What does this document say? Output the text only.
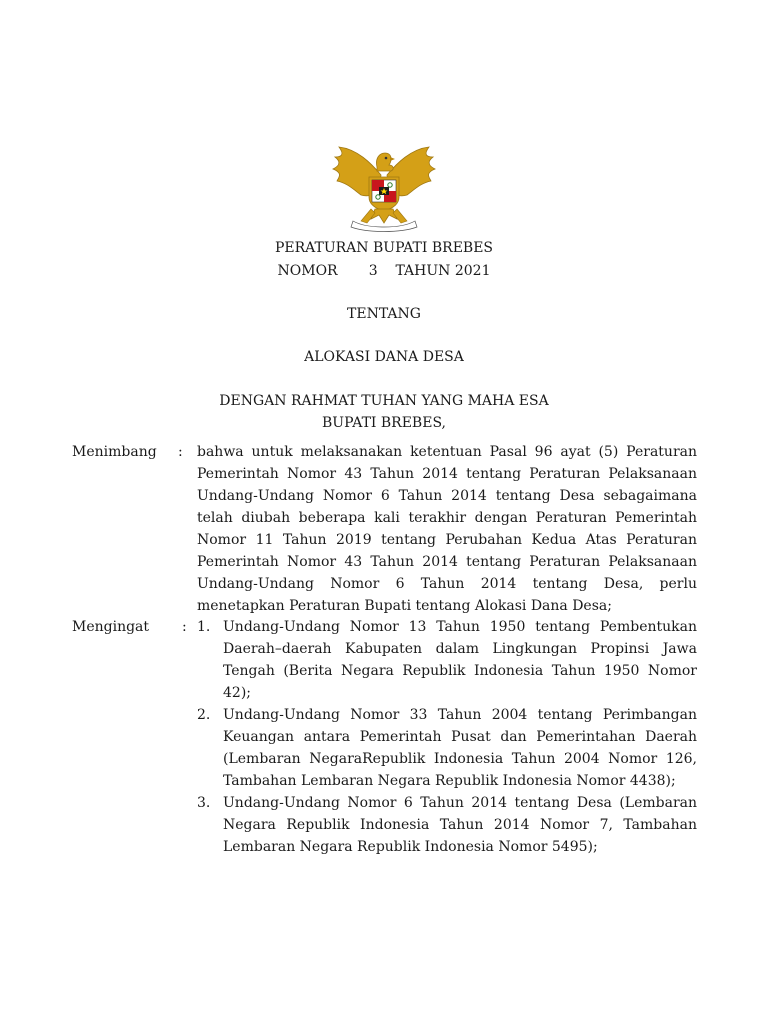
PERATURAN BUPATI BREBES
NOMOR       3    TAHUN 2021
TENTANG
ALOKASI DANA DESA
DENGAN RAHMAT TUHAN YANG MAHA ESA
BUPATI BREBES,
Menimbang : bahwa untuk melaksanakan ketentuan Pasal 96 ayat (5) Peraturan Pemerintah Nomor 43 Tahun 2014 tentang Peraturan Pelaksanaan Undang-Undang Nomor 6 Tahun 2014 tentang Desa sebagaimana telah diubah beberapa kali terakhir dengan Peraturan Pemerintah Nomor 11 Tahun 2019 tentang Perubahan Kedua Atas Peraturan Pemerintah Nomor 43 Tahun 2014 tentang Peraturan Pelaksanaan Undang-Undang Nomor 6 Tahun 2014 tentang Desa, perlu menetapkan Peraturan Bupati tentang Alokasi Dana Desa;
Mengingat : 1. Undang-Undang Nomor 13 Tahun 1950 tentang Pembentukan Daerah–daerah Kabupaten dalam Lingkungan Propinsi Jawa Tengah (Berita Negara Republik Indonesia Tahun 1950 Nomor 42);
2. Undang-Undang Nomor 33 Tahun 2004 tentang Perimbangan Keuangan antara Pemerintah Pusat dan Pemerintahan Daerah (Lembaran NegaraRepublik Indonesia Tahun 2004 Nomor 126, Tambahan Lembaran Negara Republik Indonesia Nomor 4438);
3. Undang-Undang Nomor 6 Tahun 2014 tentang Desa (Lembaran Negara Republik Indonesia Tahun 2014 Nomor 7, Tambahan Lembaran Negara Republik Indonesia Nomor 5495);
